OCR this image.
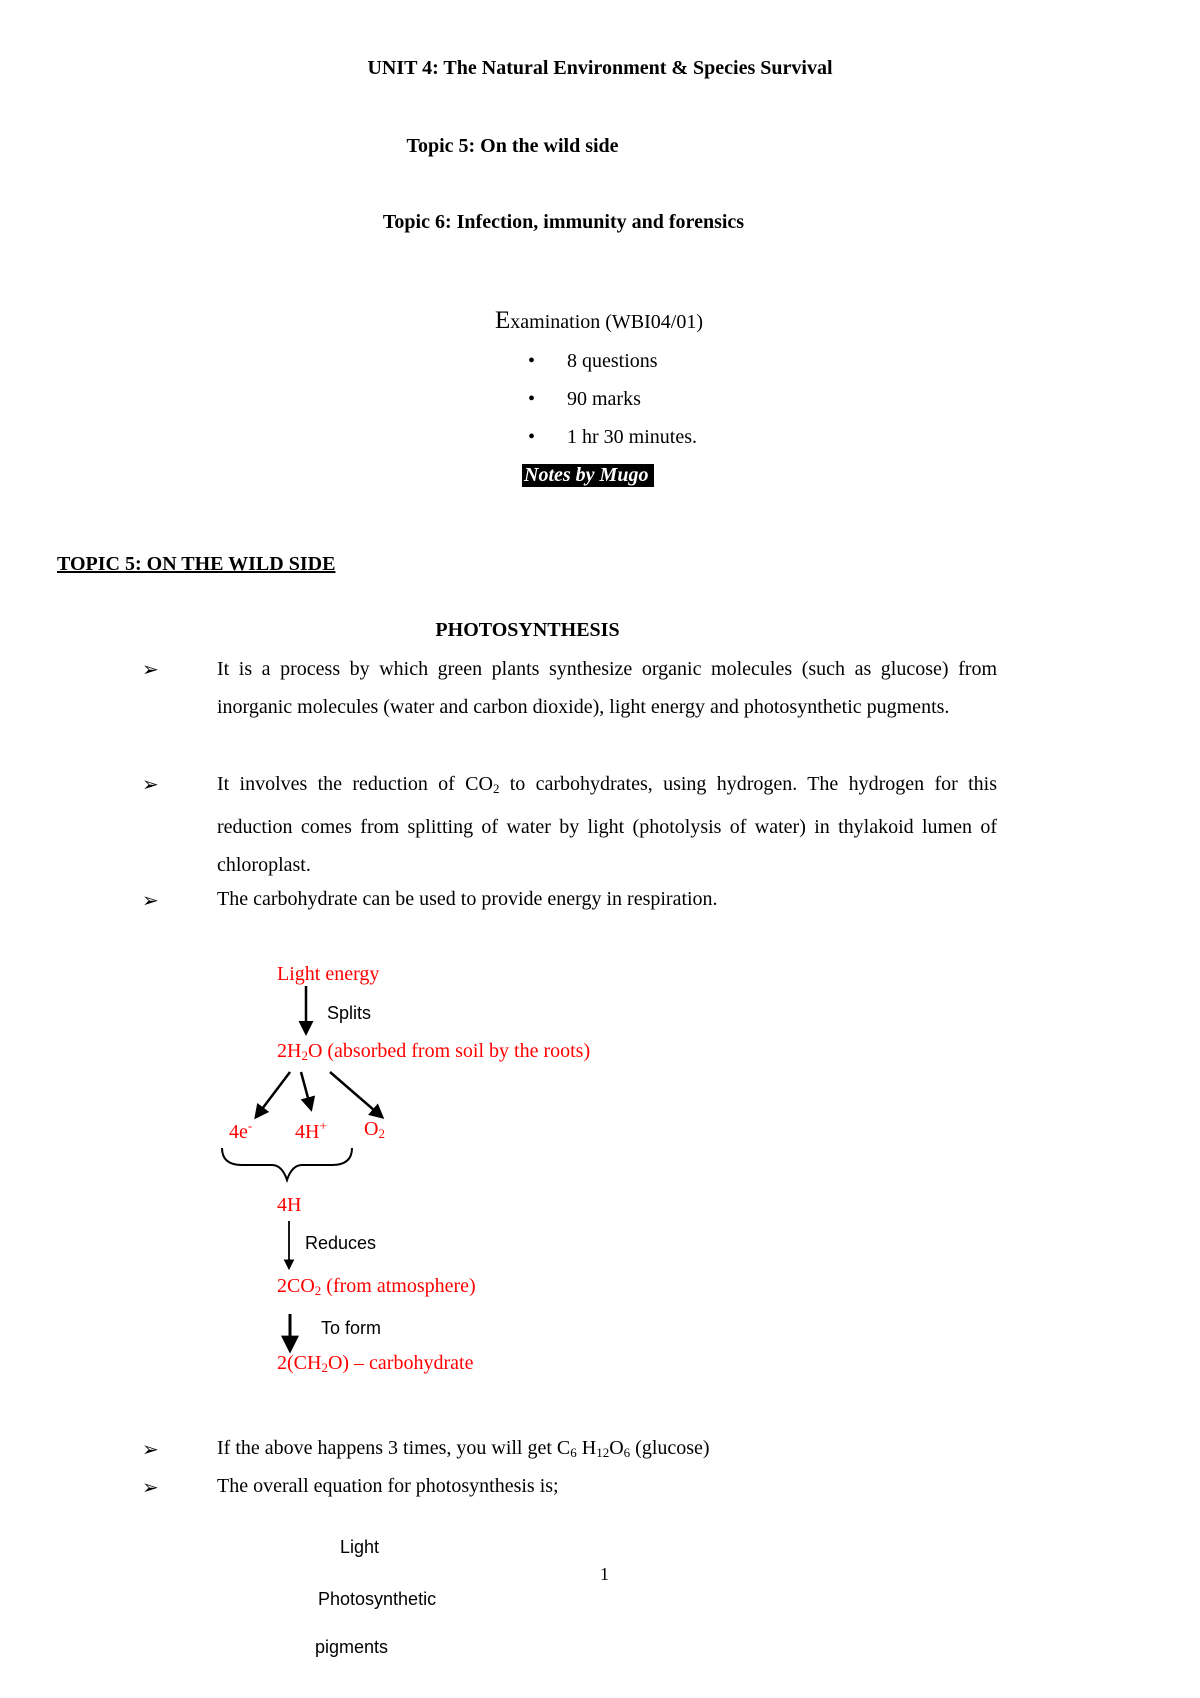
UNIT 4: The Natural Environment & Species Survival
Topic 5: On the wild side
Topic 6: Infection, immunity and forensics
Examination (WBI04/01)
• 8 questions
• 90 marks
• 1 hr 30 minutes.
Notes by Mugo
TOPIC 5: ON THE WILD SIDE
PHOTOSYNTHESIS
➢	It is a process by which green plants synthesize organic molecules (such as glucose) from inorganic molecules (water and carbon dioxide), light energy and photosynthetic pugments.
➢	It involves the reduction of $CO_2$ to carbohydrates, using hydrogen. The hydrogen for this reduction comes from splitting of water by light (photolysis of water) in thylakoid lumen of chloroplast.
➢	The carbohydrate can be used to provide energy in respiration.
Light energy
Splits
$2H_2O$ (absorbed from soil by the roots)
4e- 4H+ $O_2$
4H
Reduces
$2CO_2$ (from atmosphere)
To form
$2(CH_2O)$ – carbohydrate
➢	If the above happens 3 times, you will get $C_6$ $H_{12}O_6$ (glucose)
➢	The overall equation for photosynthesis is;
Light
Photosynthetic
pigments
1
